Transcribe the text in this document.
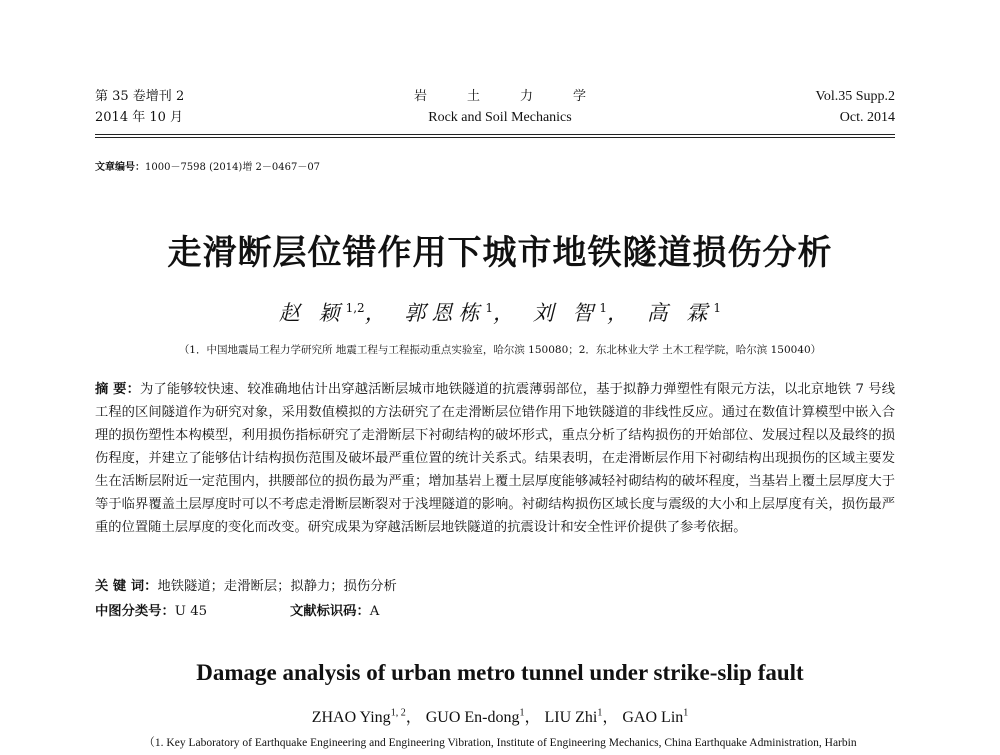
第 35 卷增刊 2
2014 年 10 月
岩土力学
Rock and Soil Mechanics
Vol.35 Supp.2
Oct. 2014
文章编号：1000－7598 (2014)增 2－0467－07
走滑断层位错作用下城市地铁隧道损伤分析
赵 颖$^{1,2}$， 郭恩栋$^1$， 刘 智$^1$， 高 霖$^1$
（1．中国地震局工程力学研究所 地震工程与工程振动重点实验室，哈尔滨 150080；2．东北林业大学 土木工程学院，哈尔滨 150040）
摘 要：为了能够较快速、较准确地估计出穿越活断层城市地铁隧道的抗震薄弱部位，基于拟静力弹塑性有限元方法，以北京地铁 7 号线工程的区间隧道作为研究对象，采用数值模拟的方法研究了在走滑断层位错作用下地铁隧道的非线性反应。通过在数值计算模型中嵌入合理的损伤塑性本构模型，利用损伤指标研究了走滑断层下衬砌结构的破坏形式，重点分析了结构损伤的开始部位、发展过程以及最终的损伤程度，并建立了能够估计结构损伤范围及破坏最严重位置的统计关系式。结果表明，在走滑断层作用下衬砌结构出现损伤的区域主要发生在活断层附近一定范围内，拱腰部位的损伤最为严重；增加基岩上覆土层厚度能够减轻衬砌结构的破坏程度，当基岩上覆土层厚度大于等于临界覆盖土层厚度时可以不考虑走滑断层断裂对于浅埋隧道的影响。衬砌结构损伤区域长度与震级的大小和上层厚度有关，损伤最严重的位置随土层厚度的变化而改变。研究成果为穿越活断层地铁隧道的抗震设计和安全性评价提供了参考依据。
关 键 词：地铁隧道；走滑断层；拟静力；损伤分析
中图分类号：U 45	文献标识码：A
Damage analysis of urban metro tunnel under strike-slip fault
ZHAO Ying$^{1, 2}$， GUO En-dong$^1$， LIU Zhi$^1$， GAO Lin$^1$
（1. Key Laboratory of Earthquake Engineering and Engineering Vibration, Institute of Engineering Mechanics, China Earthquake Administration, Harbin
